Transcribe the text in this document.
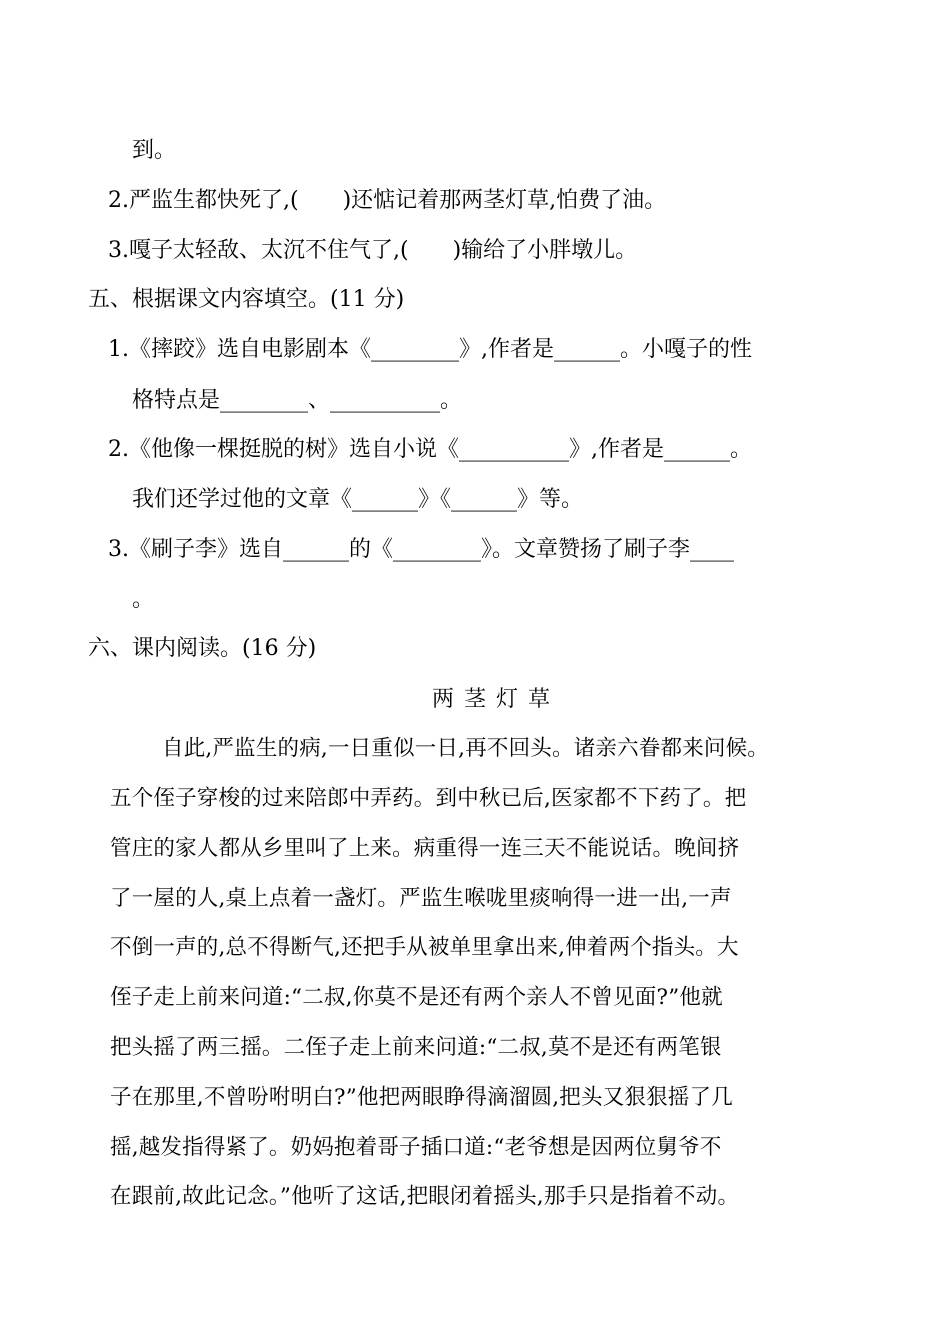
到。
2.严监生都快死了,(　　)还惦记着那两茎灯草,怕费了油。
3.嘎子太轻敌、太沉不住气了,(　　)输给了小胖墩儿。
五、根据课文内容填空。(11 分)
1.《摔跤》选自电影剧本《________》,作者是______。小嘎子的性
格特点是________、__________。
2.《他像一棵挺脱的树》选自小说《__________》,作者是______。
我们还学过他的文章《______》《______》等。
3.《刷子李》选自______的《________》。文章赞扬了刷子李____
。
六、课内阅读。(16 分)
两茎灯草
自此,严监生的病,一日重似一日,再不回头。诸亲六眷都来问候。
五个侄子穿梭的过来陪郎中弄药。到中秋已后,医家都不下药了。把
管庄的家人都从乡里叫了上来。病重得一连三天不能说话。晚间挤
了一屋的人,桌上点着一盏灯。严监生喉咙里痰响得一进一出,一声
不倒一声的,总不得断气,还把手从被单里拿出来,伸着两个指头。大
侄子走上前来问道:“二叔,你莫不是还有两个亲人不曾见面?”他就
把头摇了两三摇。二侄子走上前来问道:“二叔,莫不是还有两笔银
子在那里,不曾吩咐明白?”他把两眼睁得滴溜圆,把头又狠狠摇了几
摇,越发指得紧了。奶妈抱着哥子插口道:“老爷想是因两位舅爷不
在跟前,故此记念。”他听了这话,把眼闭着摇头,那手只是指着不动。
